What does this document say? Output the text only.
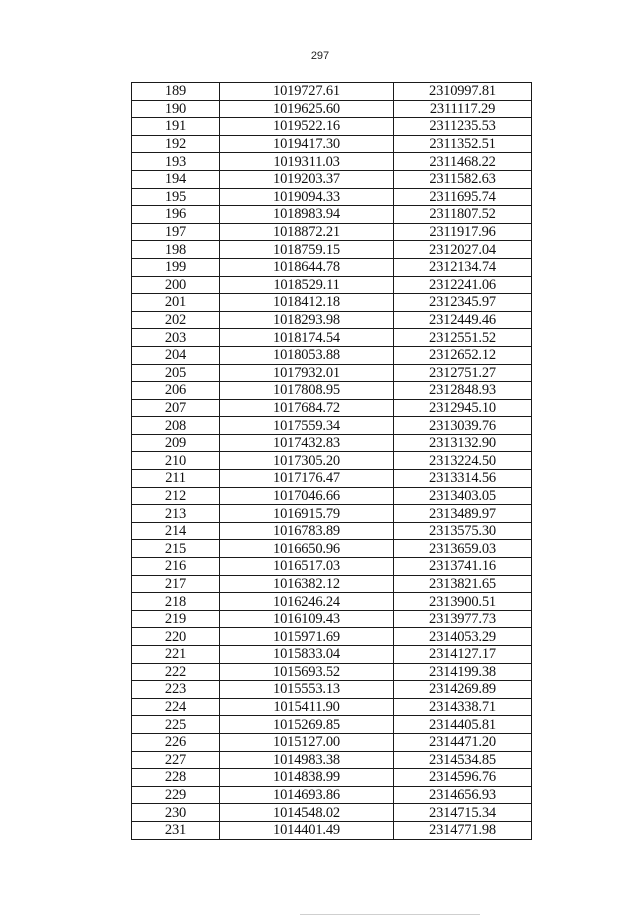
297
189	1019727.61	2310997.81
190	1019625.60	2311117.29
191	1019522.16	2311235.53
192	1019417.30	2311352.51
193	1019311.03	2311468.22
194	1019203.37	2311582.63
195	1019094.33	2311695.74
196	1018983.94	2311807.52
197	1018872.21	2311917.96
198	1018759.15	2312027.04
199	1018644.78	2312134.74
200	1018529.11	2312241.06
201	1018412.18	2312345.97
202	1018293.98	2312449.46
203	1018174.54	2312551.52
204	1018053.88	2312652.12
205	1017932.01	2312751.27
206	1017808.95	2312848.93
207	1017684.72	2312945.10
208	1017559.34	2313039.76
209	1017432.83	2313132.90
210	1017305.20	2313224.50
211	1017176.47	2313314.56
212	1017046.66	2313403.05
213	1016915.79	2313489.97
214	1016783.89	2313575.30
215	1016650.96	2313659.03
216	1016517.03	2313741.16
217	1016382.12	2313821.65
218	1016246.24	2313900.51
219	1016109.43	2313977.73
220	1015971.69	2314053.29
221	1015833.04	2314127.17
222	1015693.52	2314199.38
223	1015553.13	2314269.89
224	1015411.90	2314338.71
225	1015269.85	2314405.81
226	1015127.00	2314471.20
227	1014983.38	2314534.85
228	1014838.99	2314596.76
229	1014693.86	2314656.93
230	1014548.02	2314715.34
231	1014401.49	2314771.98
